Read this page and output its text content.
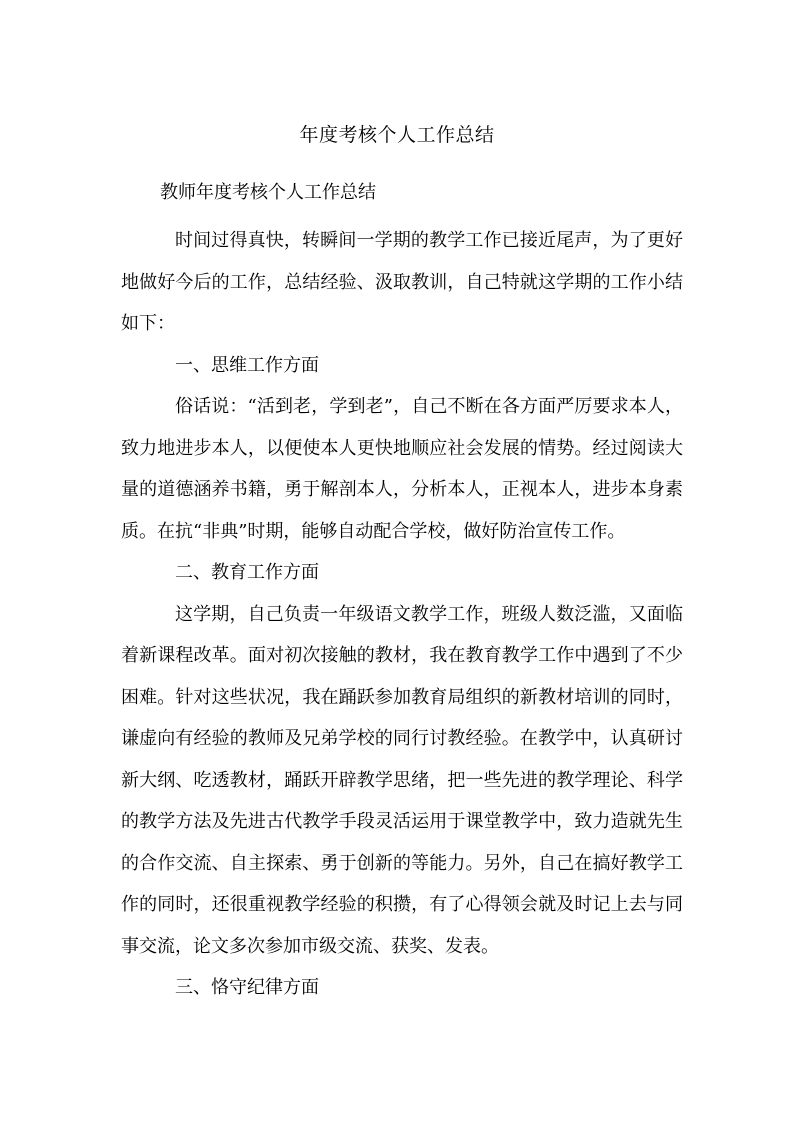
年度考核个人工作总结

教师年度考核个人工作总结

时间过得真快，转瞬间一学期的教学工作已接近尾声，为了更好地做好今后的工作，总结经验、汲取教训，自己特就这学期的工作小结如下：

一、思维工作方面

俗话说：“活到老，学到老”，自己不断在各方面严厉要求本人，致力地进步本人，以便使本人更快地顺应社会发展的情势。经过阅读大量的道德涵养书籍，勇于解剖本人，分析本人，正视本人，进步本身素质。在抗“非典”时期，能够自动配合学校，做好防治宣传工作。

二、教育工作方面

这学期，自己负责一年级语文教学工作，班级人数泛滥，又面临着新课程改革。面对初次接触的教材，我在教育教学工作中遇到了不少困难。针对这些状况，我在踊跃参加教育局组织的新教材培训的同时，谦虚向有经验的教师及兄弟学校的同行讨教经验。在教学中，认真研讨新大纲、吃透教材，踊跃开辟教学思绪，把一些先进的教学理论、科学的教学方法及先进古代教学手段灵活运用于课堂教学中，致力造就先生的合作交流、自主探索、勇于创新的等能力。另外，自己在搞好教学工作的同时，还很重视教学经验的积攒，有了心得领会就及时记上去与同事交流，论文多次参加市级交流、获奖、发表。

三、恪守纪律方面
